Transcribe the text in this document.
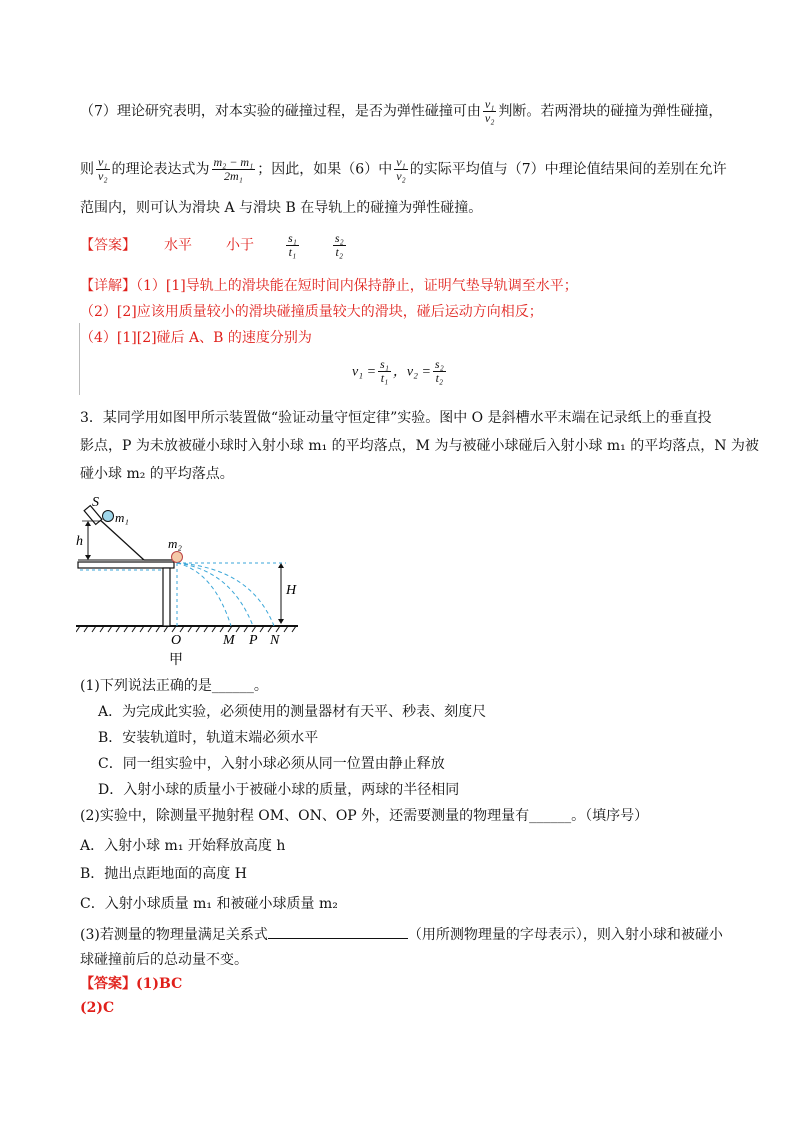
（7）理论研究表明，对本实验的碰撞过程，是否为弹性碰撞可由 $\frac{\text{v₁}}{\text{v₂}}$ 判断。若两滑块的碰撞为弹性碰撞，
则 $\frac{\text{v₁}}{\text{v₂}}$ 的理论表达式为 $\frac{\text{m₂ − m₁}}{\text{2m₁}}$ ；因此，如果（6）中 $\frac{\text{v₁}}{\text{v₂}}$ 的实际平均值与（7）中理论值结果间的差别在允许
范围内，则可认为滑块 A 与滑块 B 在导轨上的碰撞为弹性碰撞。
【答案】 水平 小于	$\frac{\text{s₁}}{\text{t₁}}$	$\frac{\text{s₂}}{\text{t₂}}$
【详解】（1）[1]导轨上的滑块能在短时间内保持静止，证明气垫导轨调至水平；
（2）[2]应该用质量较小的滑块碰撞质量较大的滑块，碰后运动方向相反；
（4）[1][2]碰后 A、B 的速度分别为
$v_1 = \frac{\text{s₁}}{\text{t₁}}$ ，$v_2 = \frac{\text{s₂}}{\text{t₂}}$
3．某同学用如图甲所示装置做“验证动量守恒定律”实验。图中 O 是斜槽水平末端在记录纸上的垂直投
影点，P 为未放被碰小球时入射小球 m₁ 的平均落点，M 为与被碰小球碰后入射小球 m₁ 的平均落点，N 为被
碰小球 m₂ 的平均落点。
S
m₁
m₂
h
H
O	M P N
甲
(1)下列说法正确的是______。
A．为完成此实验，必须使用的测量器材有天平、秒表、刻度尺
B．安装轨道时，轨道末端必须水平
C．同一组实验中，入射小球必须从同一位置由静止释放
D．入射小球的质量小于被碰小球的质量，两球的半径相同
(2)实验中，除测量平抛射程 OM、ON、OP 外，还需要测量的物理量有______。（填序号）
A．入射小球 m₁ 开始释放高度 h
B．抛出点距地面的高度 H
C．入射小球质量 m₁ 和被碰小球质量 m₂
(3)若测量的物理量满足关系式	（用所测物理量的字母表示），则入射小球和被碰小
球碰撞前后的总动量不变。
【答案】(1)BC
(2)C
